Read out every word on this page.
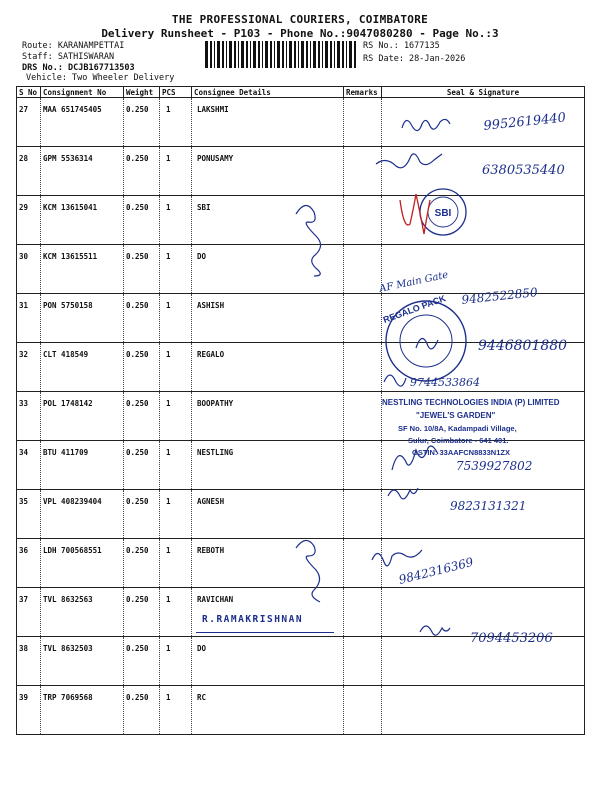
THE PROFESSIONAL COURIERS, COIMBATORE
Delivery Runsheet - P103 - Phone No.:9047080280 - Page No.:3
Route: KARANAMPETTAI
Staff: SATHISWARAN
DRS No.: DCJB167713503
Vehicle: Two Wheeler Delivery
RS No.: 1677135
RS Date: 28-Jan-2026
S No	Consignment No	Weight	PCS	Consignee Details	Remarks	Seal & Signature
27	MAA 651745405	0.250	1	LAKSHMI		
28	GPM 5536314	0.250	1	PONUSAMY		
29	KCM 13615041	0.250	1	SBI		
30	KCM 13615511	0.250	1	DO		
31	PON 5750158	0.250	1	ASHISH		
32	CLT 418549	0.250	1	REGALO		
33	POL 1748142	0.250	1	BOOPATHY		
34	BTU 411709	0.250	1	NESTLING		
35	VPL 408239404	0.250	1	AGNESH		
36	LDH 700568551	0.250	1	REBOTH		
37	TVL 8632563	0.250	1	RAVICHAN		
38	TVL 8632503	0.250	1	DO		
39	TRP 7069568	0.250	1	RC		
9952619440
6380535440
SBI
AF Main Gate
9482522850
REGALO PACK
9446801880
9744533864
NESTLING TECHNOLOGIES INDIA (P) LIMITED
"JEWEL'S GARDEN"
SF No. 10/8A, Kadampadi Village,
Sulur, Coimbatore - 641 401.
GSTIN: 33AAFCN8833N1ZX
7539927802
9823131321
9842316369
7094453206
R.RAMAKRISHNAN
